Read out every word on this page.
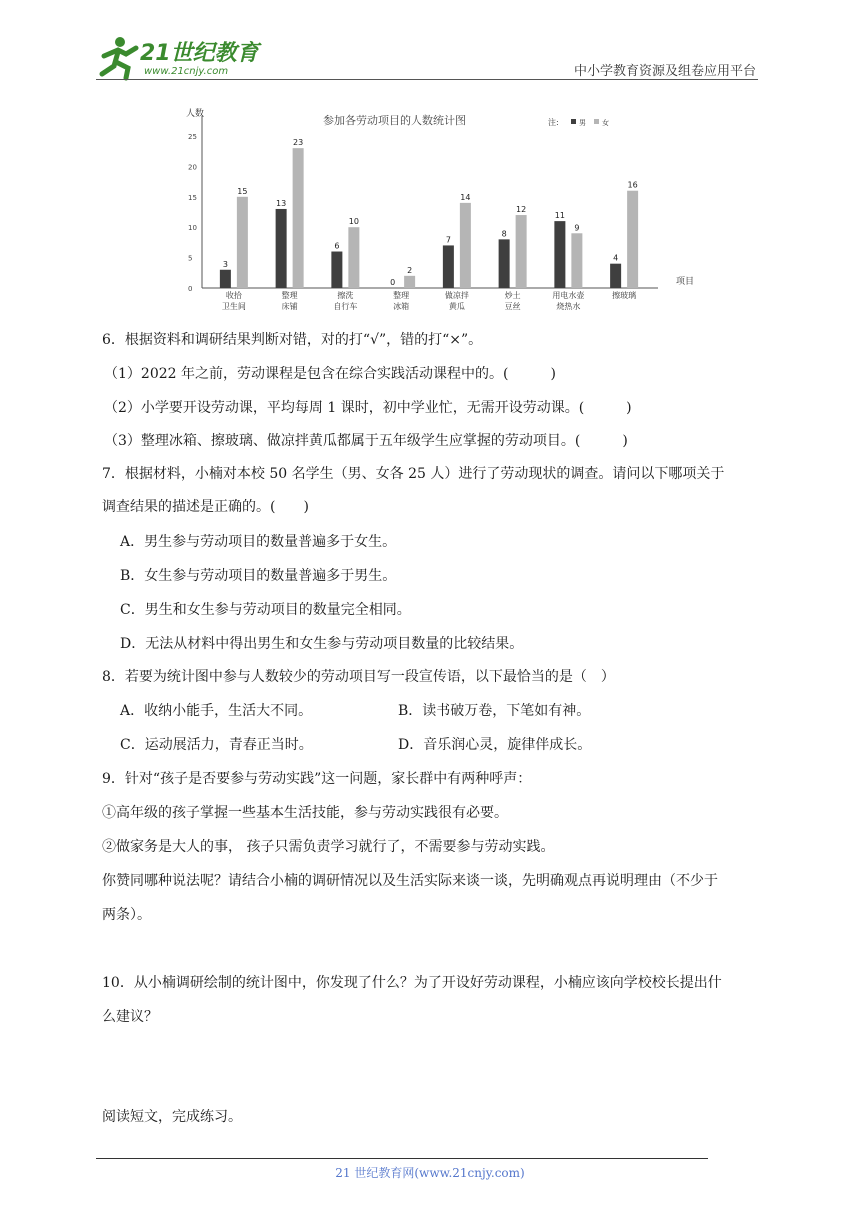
21世纪教育
www.21cnjy.com	中小学教育资源及组卷应用平台
人数	参加各劳动项目的人数统计图	注:	男 女
项目
0
5
10
15
20
25
3
15
收拾
卫生间
13
23
整理
床铺
6
10
擦洗
自行车
0
2
整理
冰箱
7
14
做凉拌
黄瓜
8
12
炒土
豆丝
11
9
用电水壶
烧热水
4
16
擦玻璃
6．根据资料和调研结果判断对错，对的打“√”，错的打“×”。
（1）2022 年之前，劳动课程是包含在综合实践活动课程中的。(　　　)
（2）小学要开设劳动课，平均每周 1 课时，初中学业忙，无需开设劳动课。(　　　)
（3）整理冰箱、擦玻璃、做凉拌黄瓜都属于五年级学生应掌握的劳动项目。(　　　)
7．根据材料，小楠对本校 50 名学生（男、女各 25 人）进行了劳动现状的调查。请问以下哪项关于
调查结果的描述是正确的。(　　)
A．男生参与劳动项目的数量普遍多于女生。
B．女生参与劳动项目的数量普遍多于男生。
C．男生和女生参与劳动项目的数量完全相同。
D．无法从材料中得出男生和女生参与劳动项目数量的比较结果。
8．若要为统计图中参与人数较少的劳动项目写一段宣传语，以下最恰当的是（　）
A．收纳小能手，生活大不同。	B．读书破万卷，下笔如有神。
C．运动展活力，青春正当时。	D．音乐润心灵，旋律伴成长。
9．针对“孩子是否要参与劳动实践”这一问题，家长群中有两种呼声：
①高年级的孩子掌握一些基本生活技能，参与劳动实践很有必要。
②做家务是大人的事， 孩子只需负责学习就行了，不需要参与劳动实践。
你赞同哪种说法呢？请结合小楠的调研情况以及生活实际来谈一谈，先明确观点再说明理由（不少于
两条）。
10．从小楠调研绘制的统计图中，你发现了什么？为了开设好劳动课程，小楠应该向学校校长提出什
么建议？
阅读短文，完成练习。
21 世纪教育网(www.21cnjy.com)
